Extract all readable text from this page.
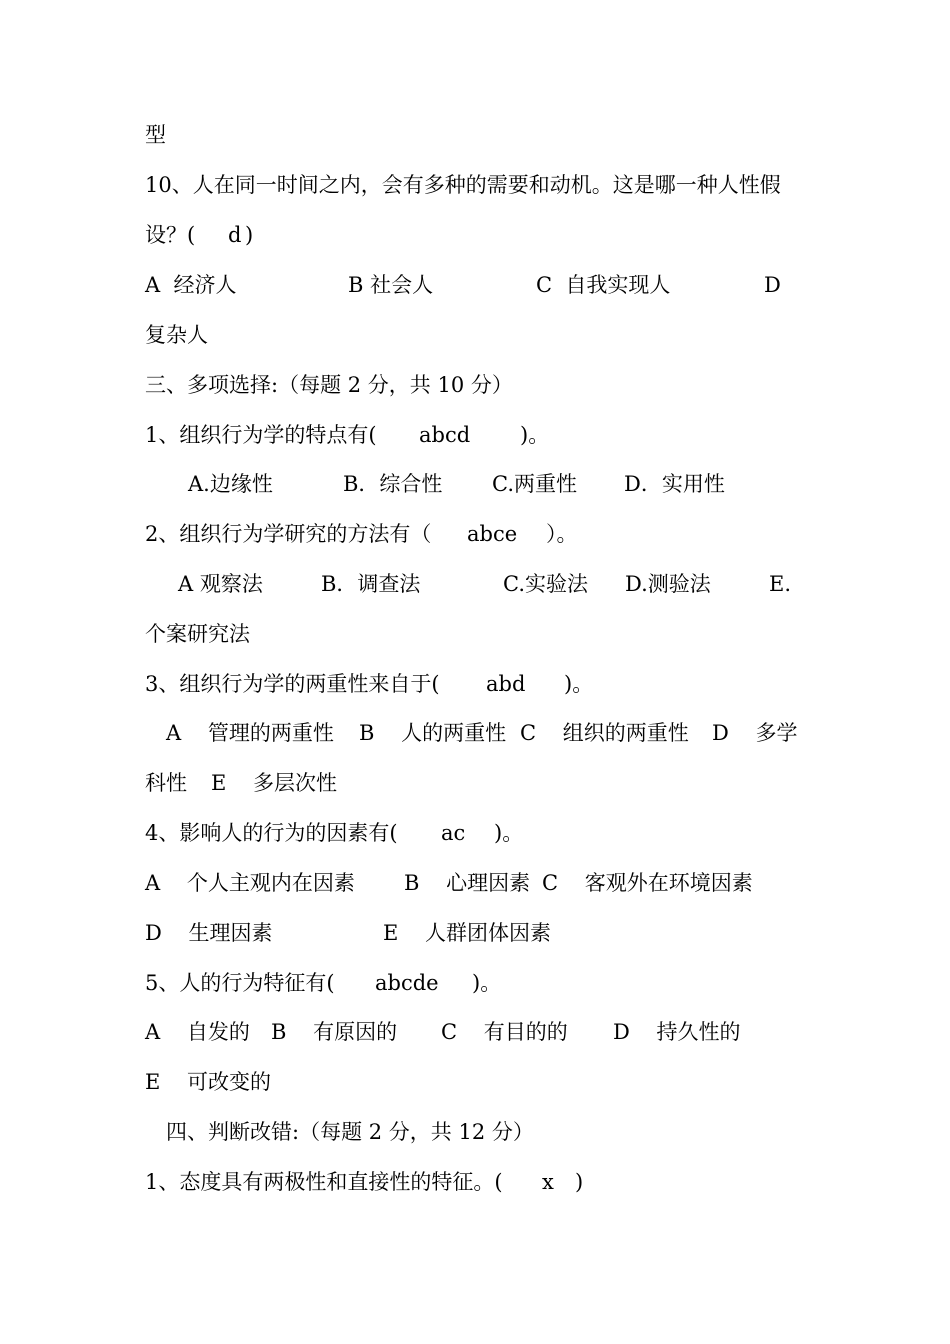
型

10、人在同一时间之内，会有多种的需要和动机。这是哪一种人性假

设？(

d

)

A  经济人

	B 社会人

	C  自我实现人

	D

复杂人

三、多项选择:（每题 2 分，共 10 分）

1、组织行为学的特点有(

abcd

)。

A.边缘性

	B．综合性

C.两重性

D．实用性

2、组织行为学研究的方法有（

abce

）。

A 观察法

	B．调查法

	C.实验法

D.测验法

	E.

个案研究法

3、组织行为学的两重性来自于(

abd

)。

A    管理的两重性

B    人的两重性

C    组织的两重性

D    多学

科性

E    多层次性

4、影响人的行为的因素有(

ac

)。

A    个人主观内在因素

B    心理因素

C    客观外在环境因素

D    生理因素

	E    人群团体因素

5、人的行为特征有(

abcde

)。

A    自发的

B    有原因的

C    有目的的

D    持久性的

E    可改变的

四、判断改错:（每题 2 分，共 12 分）

1、态度具有两极性和直接性的特征。(

x

)
